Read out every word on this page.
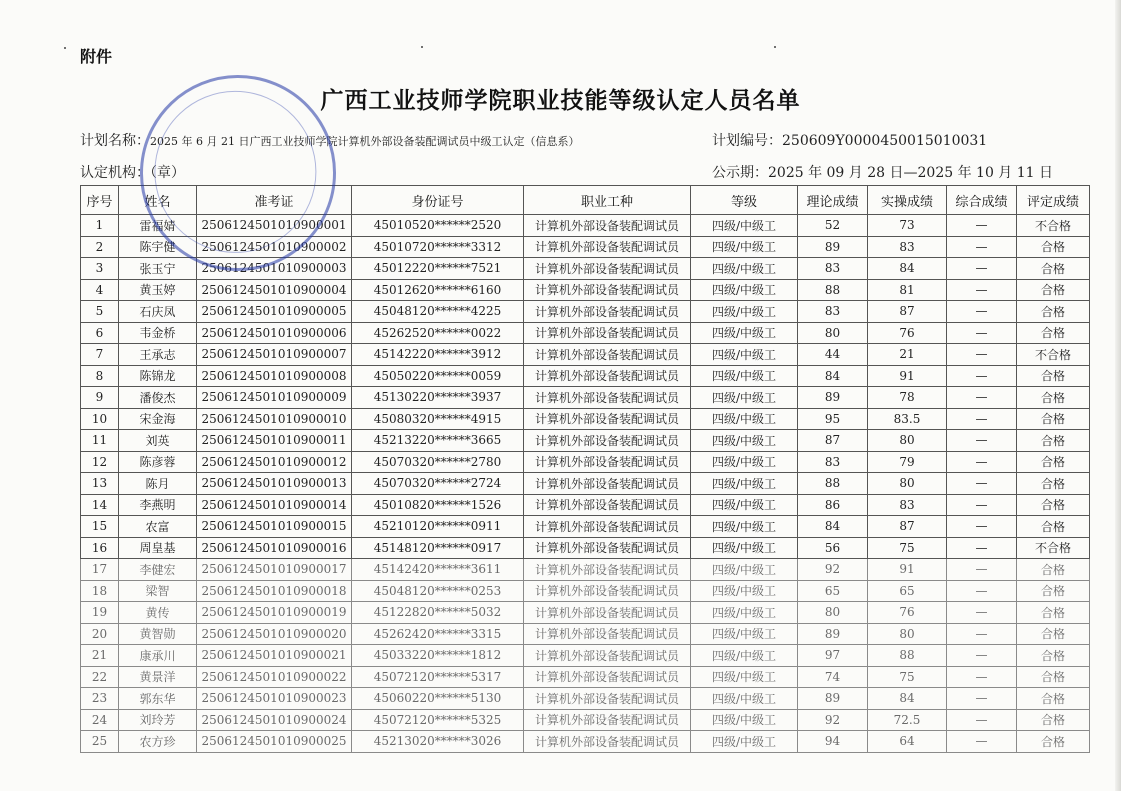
附件
广西工业技师学院职业技能等级认定人员名单
计划名称：2025 年 6 月 21 日广西工业技师学院计算机外部设备装配调试员中级工认定（信息系）	计划编号：250609Y0000450015010031
认定机构：（章）	公示期：2025 年 09 月 28 日—2025 年 10 月 11 日
序号	姓名	准考证	身份证号	职业工种	等级	理论成绩	实操成绩	综合成绩	评定成绩
1	雷福婧	2506124501010900001	45010520******2520	计算机外部设备装配调试员	四级/中级工	52	73	—	不合格
2	陈宇健	2506124501010900002	45010720******3312	计算机外部设备装配调试员	四级/中级工	89	83	—	合格
3	张玉宁	2506124501010900003	45012220******7521	计算机外部设备装配调试员	四级/中级工	83	84	—	合格
4	黄玉婷	2506124501010900004	45012620******6160	计算机外部设备装配调试员	四级/中级工	88	81	—	合格
5	石庆凤	2506124501010900005	45048120******4225	计算机外部设备装配调试员	四级/中级工	83	87	—	合格
6	韦金桥	2506124501010900006	45262520******0022	计算机外部设备装配调试员	四级/中级工	80	76	—	合格
7	王承志	2506124501010900007	45142220******3912	计算机外部设备装配调试员	四级/中级工	44	21	—	不合格
8	陈锦龙	2506124501010900008	45050220******0059	计算机外部设备装配调试员	四级/中级工	84	91	—	合格
9	潘俊杰	2506124501010900009	45130220******3937	计算机外部设备装配调试员	四级/中级工	89	78	—	合格
10	宋金海	2506124501010900010	45080320******4915	计算机外部设备装配调试员	四级/中级工	95	83.5	—	合格
11	刘英	2506124501010900011	45213220******3665	计算机外部设备装配调试员	四级/中级工	87	80	—	合格
12	陈彦蓉	2506124501010900012	45070320******2780	计算机外部设备装配调试员	四级/中级工	83	79	—	合格
13	陈月	2506124501010900013	45070320******2724	计算机外部设备装配调试员	四级/中级工	88	80	—	合格
14	李燕明	2506124501010900014	45010820******1526	计算机外部设备装配调试员	四级/中级工	86	83	—	合格
15	农富	2506124501010900015	45210120******0911	计算机外部设备装配调试员	四级/中级工	84	87	—	合格
16	周皇基	2506124501010900016	45148120******0917	计算机外部设备装配调试员	四级/中级工	56	75	—	不合格
17	李健宏	2506124501010900017	45142420******3611	计算机外部设备装配调试员	四级/中级工	92	91	—	合格
18	梁智	2506124501010900018	45048120******0253	计算机外部设备装配调试员	四级/中级工	65	65	—	合格
19	黄传	2506124501010900019	45122820******5032	计算机外部设备装配调试员	四级/中级工	80	76	—	合格
20	黄智勋	2506124501010900020	45262420******3315	计算机外部设备装配调试员	四级/中级工	89	80	—	合格
21	康承川	2506124501010900021	45033220******1812	计算机外部设备装配调试员	四级/中级工	97	88	—	合格
22	黄景洋	2506124501010900022	45072120******5317	计算机外部设备装配调试员	四级/中级工	74	75	—	合格
23	郭东华	2506124501010900023	45060220******5130	计算机外部设备装配调试员	四级/中级工	89	84	—	合格
24	刘玲芳	2506124501010900024	45072120******5325	计算机外部设备装配调试员	四级/中级工	92	72.5	—	合格
25	农方珍	2506124501010900025	45213020******3026	计算机外部设备装配调试员	四级/中级工	94	64	—	合格
